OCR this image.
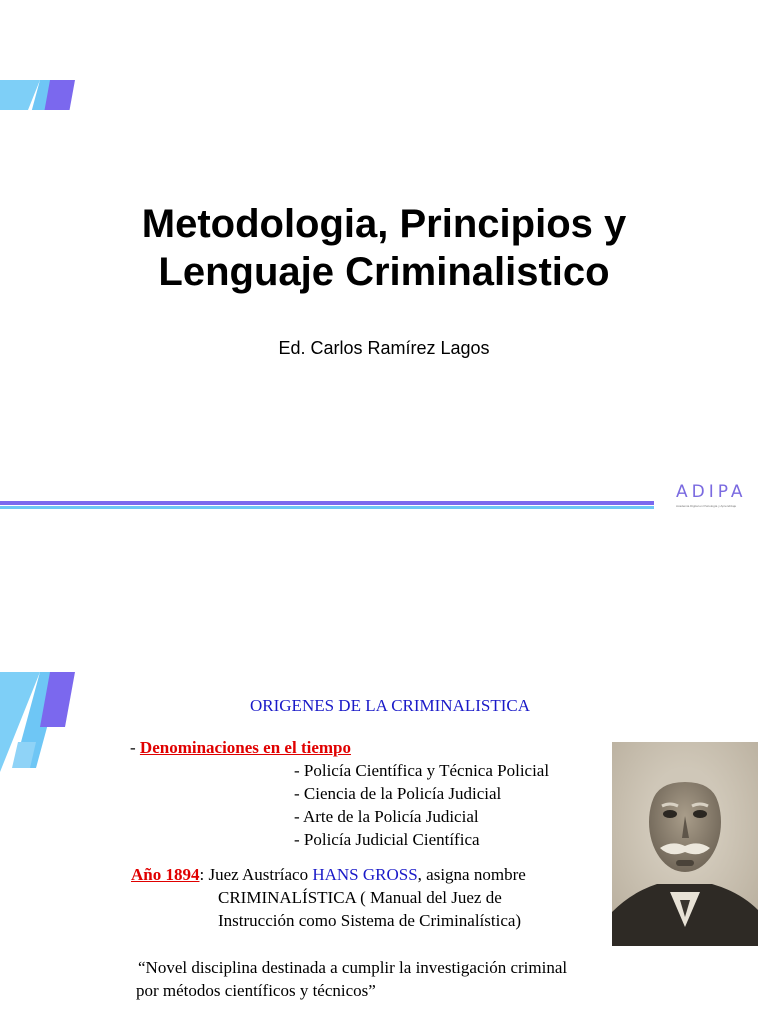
Metodologia, Principios y
Lenguaje Criminalistico
Ed. Carlos Ramírez Lagos
ADIPA
Academia Digital en Psicología y Aprendizaje
ORIGENES DE LA CRIMINALISTICA
- Denominaciones en el tiempo
- Policía Científica y Técnica Policial
- Ciencia de la Policía Judicial
- Arte de la Policía Judicial
- Policía Judicial Científica
Año 1894: Juez Austríaco HANS GROSS, asigna nombre
CRIMINALÍSTICA ( Manual del Juez de
Instrucción como Sistema de Criminalística)
“Novel disciplina destinada a cumplir la investigación criminal
por métodos científicos y técnicos”
